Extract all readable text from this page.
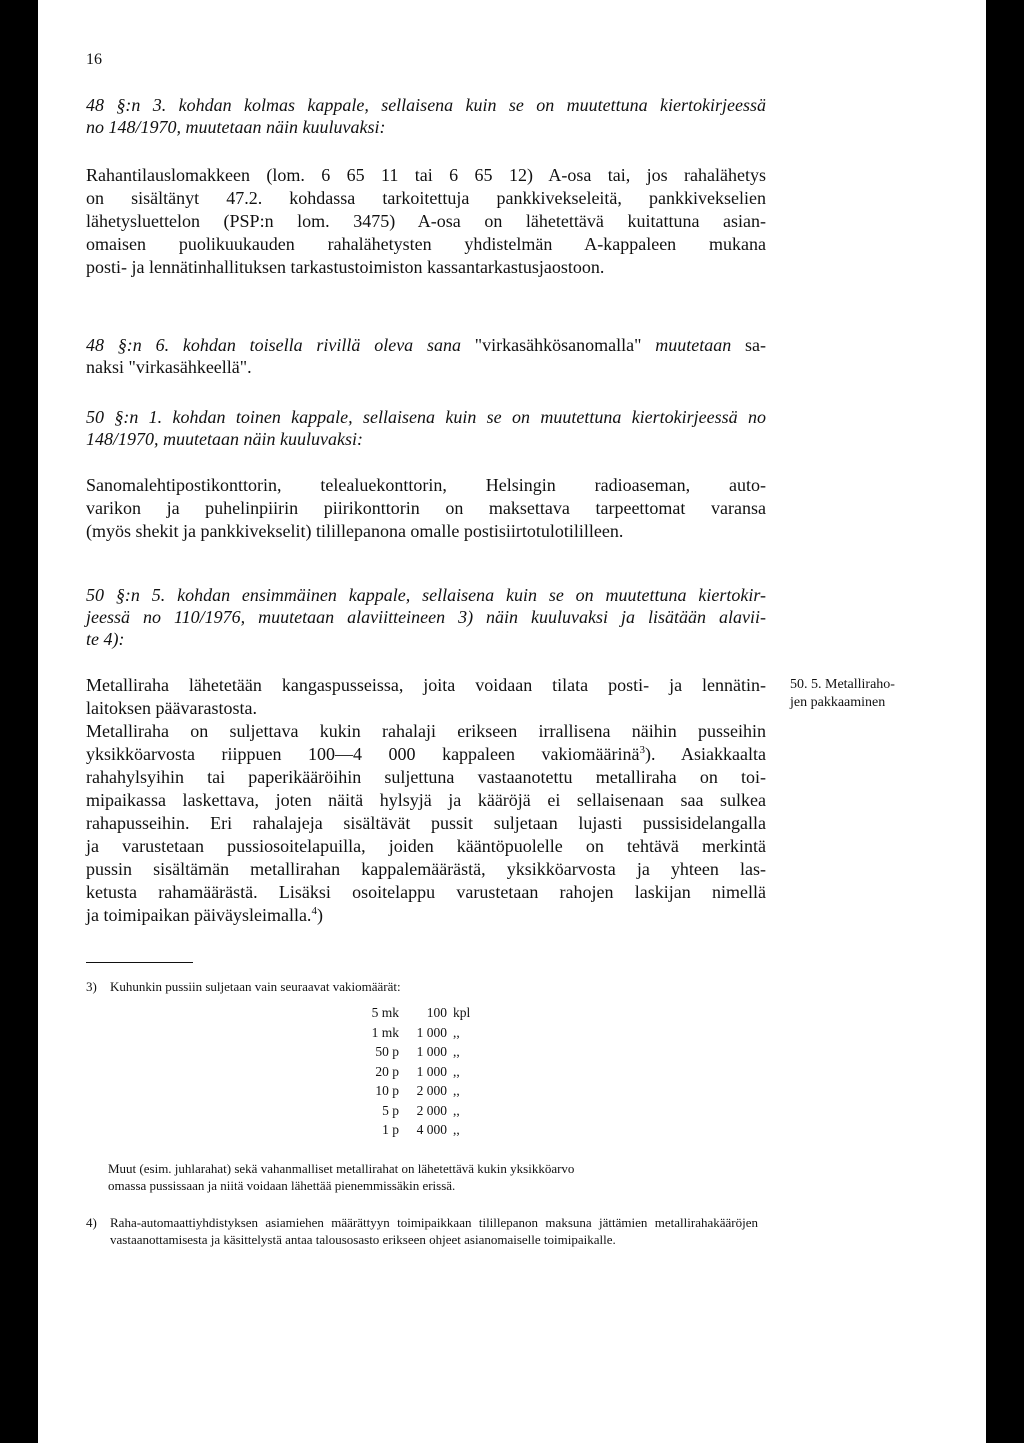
16
48 §:n 3. kohdan kolmas kappale, sellaisena kuin se on muutettuna kiertokirjeessä
no 148/1970, muutetaan näin kuuluvaksi:
Rahantilauslomakkeen (lom. 6 65 11 tai 6 65 12) A-osa tai, jos rahalähetys
on sisältänyt 47.2. kohdassa tarkoitettuja pankkivekseleitä, pankkivekselien
lähetysluettelon (PSP:n lom. 3475) A-osa on lähetettävä kuitattuna asian-
omaisen puolikuukauden rahalähetysten yhdistelmän A-kappaleen mukana
posti- ja lennätinhallituksen tarkastustoimiston kassantarkastusjaostoon.
48 §:n 6. kohdan toisella rivillä oleva sana "virkasähkösanomalla" muutetaan sa-
naksi "virkasähkeellä".
50 §:n 1. kohdan toinen kappale, sellaisena kuin se on muutettuna kiertokirjeessä no
148/1970, muutetaan näin kuuluvaksi:
Sanomalehtipostikonttorin, telealuekonttorin, Helsingin radioaseman, auto-
varikon ja puhelinpiirin piirikonttorin on maksettava tarpeettomat varansa
(myös shekit ja pankkivekselit) tilillepanona omalle postisiirtotulotililleen.
50 §:n 5. kohdan ensimmäinen kappale, sellaisena kuin se on muutettuna kiertokir-
jeessä no 110/1976, muutetaan alaviitteineen 3) näin kuuluvaksi ja lisätään alavii-
te 4):
Metalliraha lähetetään kangaspusseissa, joita voidaan tilata posti- ja lennätin-
laitoksen päävarastosta.
Metalliraha on suljettava kukin rahalaji erikseen irrallisena näihin pusseihin
yksikköarvosta riippuen 100—4 000 kappaleen vakiomäärinä$^3$). Asiakkaalta
rahahylsyihin tai paperikääröihin suljettuna vastaanotettu metalliraha on toi-
mipaikassa laskettava, joten näitä hylsyjä ja kääröjä ei sellaisenaan saa sulkea
rahapusseihin. Eri rahalajeja sisältävät pussit suljetaan lujasti pussisidelangalla
ja varustetaan pussiosoitelapuilla, joiden kääntöpuolelle on tehtävä merkintä
pussin sisältämän metallirahan kappalemäärästä, yksikköarvosta ja yhteen las-
ketusta rahamäärästä. Lisäksi osoitelappu varustetaan rahojen laskijan nimellä
ja toimipaikan päiväysleimalla.$^4$)
50. 5. Metalliraho-
jen pakkaaminen
3) Kuhunkin pussiin suljetaan vain seuraavat vakiomäärät:
5 mk	100	kpl
1 mk	1 000	,,
50 p	1 000	,,
20 p	1 000	,,
10 p	2 000	,,
5 p	2 000	,,
1 p	4 000	,,
Muut (esim. juhlarahat) sekä vahanmalliset metallirahat on lähetettävä kukin yksikköarvo
omassa pussissaan ja niitä voidaan lähettää pienemmissäkin erissä.
4) Raha-automaattiyhdistyksen asiamiehen määrättyyn toimipaikkaan tilillepanon maksuna jättämien metallirahakääröjen vastaanottamisesta ja käsittelystä antaa talousosasto erikseen ohjeet asianomaiselle toimipaikalle.
